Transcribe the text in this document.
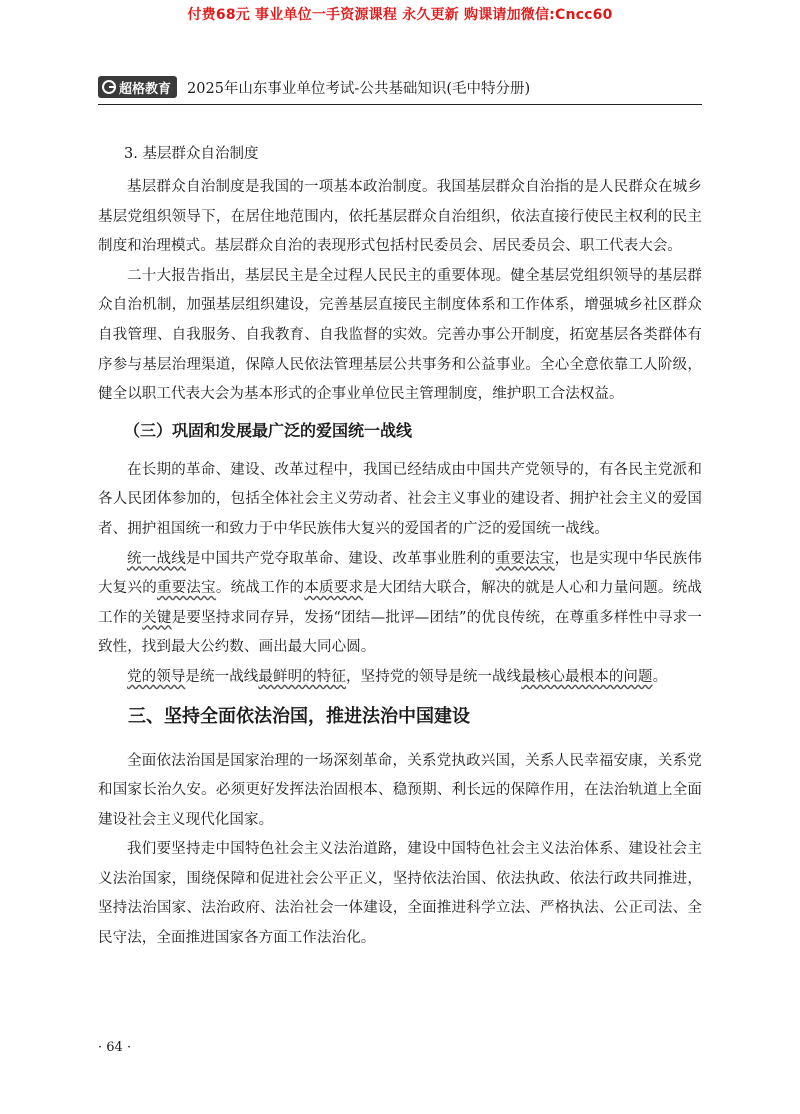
付费68元 事业单位一手资源课程 永久更新 购课请加微信:Cncc60
超格教育 2025年山东事业单位考试-公共基础知识(毛中特分册)
3. 基层群众自治制度

基层群众自治制度是我国的一项基本政治制度。我国基层群众自治指的是人民群众在城乡基层党组织领导下，在居住地范围内，依托基层群众自治组织，依法直接行使民主权利的民主制度和治理模式。基层群众自治的表现形式包括村民委员会、居民委员会、职工代表大会。

二十大报告指出，基层民主是全过程人民民主的重要体现。健全基层党组织领导的基层群众自治机制，加强基层组织建设，完善基层直接民主制度体系和工作体系，增强城乡社区群众自我管理、自我服务、自我教育、自我监督的实效。完善办事公开制度，拓宽基层各类群体有序参与基层治理渠道，保障人民依法管理基层公共事务和公益事业。全心全意依靠工人阶级，健全以职工代表大会为基本形式的企事业单位民主管理制度，维护职工合法权益。

（三）巩固和发展最广泛的爱国统一战线

在长期的革命、建设、改革过程中，我国已经结成由中国共产党领导的，有各民主党派和各人民团体参加的，包括全体社会主义劳动者、社会主义事业的建设者、拥护社会主义的爱国者、拥护祖国统一和致力于中华民族伟大复兴的爱国者的广泛的爱国统一战线。

统一战线是中国共产党夺取革命、建设、改革事业胜利的重要法宝，也是实现中华民族伟大复兴的重要法宝。统战工作的本质要求是大团结大联合，解决的就是人心和力量问题。统战工作的关键是要坚持求同存异，发扬“团结—批评—团结”的优良传统，在尊重多样性中寻求一致性，找到最大公约数、画出最大同心圆。

党的领导是统一战线最鲜明的特征，坚持党的领导是统一战线最核心最根本的问题。

三、坚持全面依法治国，推进法治中国建设

全面依法治国是国家治理的一场深刻革命，关系党执政兴国，关系人民幸福安康，关系党和国家长治久安。必须更好发挥法治固根本、稳预期、利长远的保障作用，在法治轨道上全面建设社会主义现代化国家。

我们要坚持走中国特色社会主义法治道路，建设中国特色社会主义法治体系、建设社会主义法治国家，围绕保障和促进社会公平正义，坚持依法治国、依法执政、依法行政共同推进，坚持法治国家、法治政府、法治社会一体建设，全面推进科学立法、严格执法、公正司法、全民守法，全面推进国家各方面工作法治化。

· 64 ·
